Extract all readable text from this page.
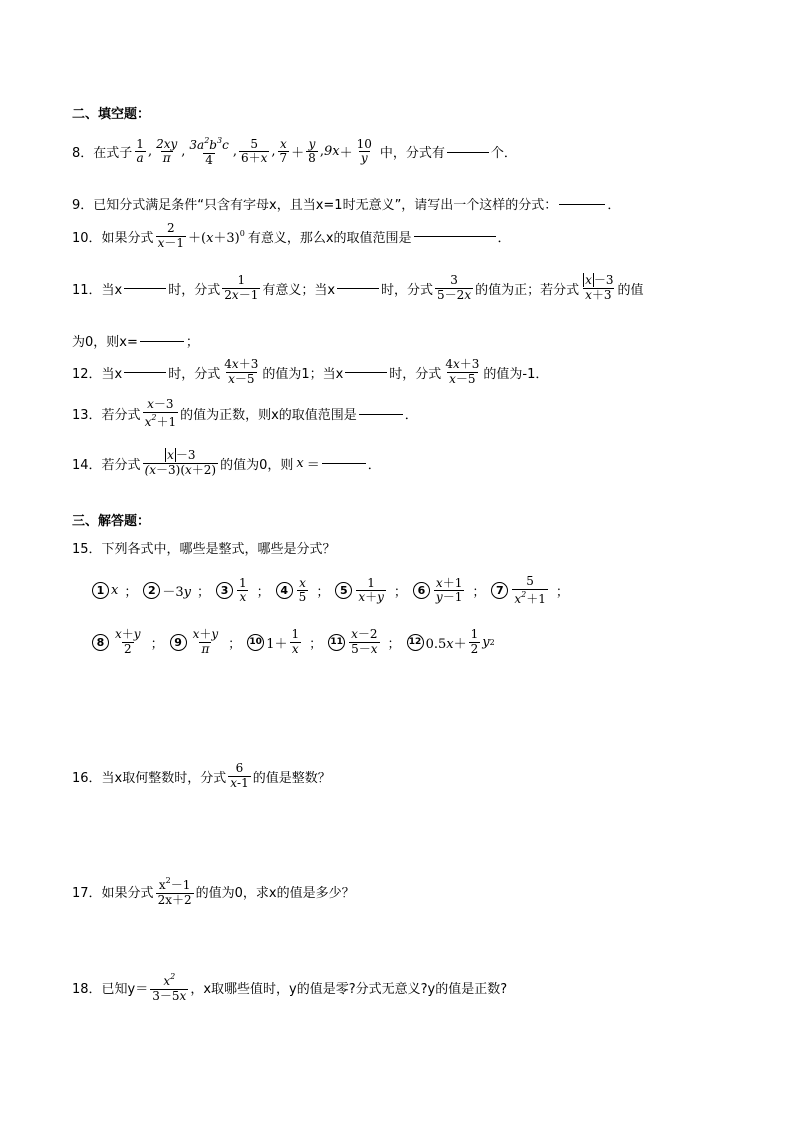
二、填空题：
8． 在式子 $\frac{1}{a}$ , $\frac{2xy}{\pi}$ , $\frac{3a^2b^3c}{4}$ , $\frac{5}{6+x}$ , $\frac{x}{7} + \frac{y}{8}$ , $9x + \frac{10}{y}$ 中，分式有	个．
9． 已知分式满足条件“只含有字母x，且当x=1时无意义”，请写出一个这样的分式：	．
10． 如果分式 $\frac{2}{x-1} +(x+3)^0$ 有意义，那么x的取值范围是	．
11． 当x	时，分式 $\frac{1}{2x-1}$ 有意义；当x	时，分式 $\frac{3}{5-2x}$ 的值为正；若分式 $\frac{x -3}{x+3}$ 的值
为0，则x=	；
12． 当x	时，分式 $\frac{4x+3}{x-5}$ 的值为1；当x	时，分式 $\frac{4x+3}{x-5}$ 的值为-1．
13． 若分式 $\frac{x-3}{x^2+1}$ 的值为正数，则x的取值范围是	．
14． 若分式 $\frac{x -3}{(x-3)(x+2)}$ 的值为0，则 x ＝	．
三、解答题：
15． 下列各式中，哪些是整式，哪些是分式？
1 x ； 2 －3y ； $3 \frac{1}{x}$ ； $4 \frac{x}{5}$ ； $5 \frac{1}{x+y}$ ； $6 \frac{x+1}{y-1}$ ； $7 \frac{5}{x^2+1}$ ；
$8 \frac{x+y}{2}$ ； $9 \frac{x+y}{\pi}$ ； 10 $1+ \frac{1}{x}$ ； $11 \frac{x-2}{5-x}$ ； 12 $0.5x+ \frac{1}{2}$ y 2
16． 当x取何整数时，分式 $\frac{6}{x-1}$ 的值是整数？
17． 如果分式 $\frac{x^2-1}{2x+2}$ 的值为0，求x的值是多少？
18． 已知$y= \frac{x^2}{3-5x}$ ，x取哪些值时，y的值是零?分式无意义?y的值是正数?
